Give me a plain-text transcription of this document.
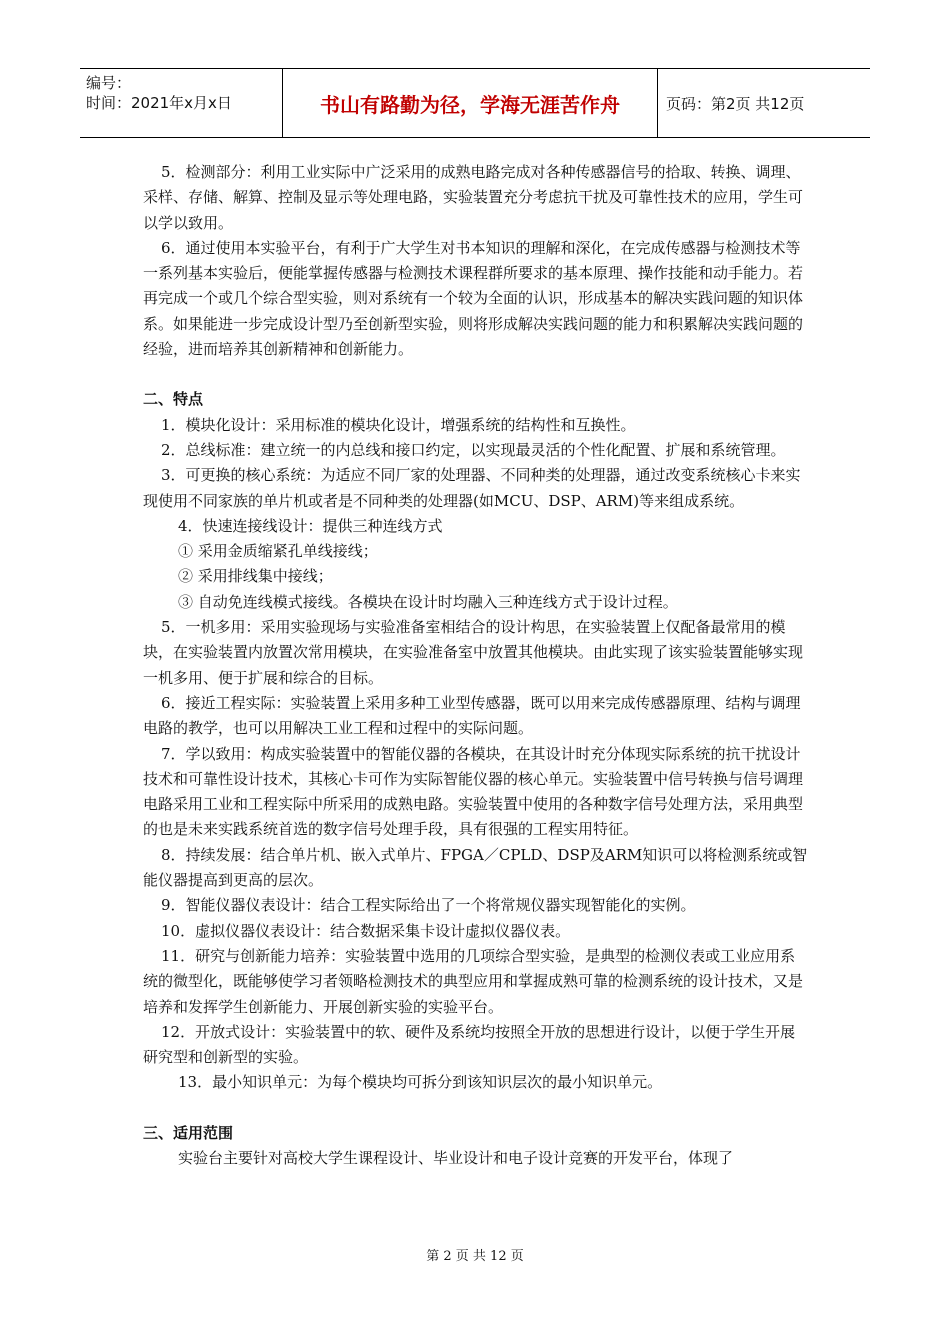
编号：
时间：2021年x月x日	书山有路勤为径，学海无涯苦作舟	页码：第2页 共12页

5．检测部分：利用工业实际中广泛采用的成熟电路完成对各种传感器信号的拾取、转换、调理、采样、存储、解算、控制及显示等处理电路，实验装置充分考虑抗干扰及可靠性技术的应用，学生可以学以致用。

6．通过使用本实验平台，有利于广大学生对书本知识的理解和深化，在完成传感器与检测技术等一系列基本实验后，便能掌握传感器与检测技术课程群所要求的基本原理、操作技能和动手能力。若再完成一个或几个综合型实验，则对系统有一个较为全面的认识，形成基本的解决实践问题的知识体系。如果能进一步完成设计型乃至创新型实验，则将形成解决实践问题的能力和积累解决实践问题的经验，进而培养其创新精神和创新能力。

二、特点

1．模块化设计：采用标准的模块化设计，增强系统的结构性和互换性。

2．总线标准：建立统一的内总线和接口约定，以实现最灵活的个性化配置、扩展和系统管理。

3．可更换的核心系统：为适应不同厂家的处理器、不同种类的处理器，通过改变系统核心卡来实现使用不同家族的单片机或者是不同种类的处理器(如MCU、DSP、ARM)等来组成系统。

4．快速连接线设计：提供三种连线方式

① 采用金质缩紧孔单线接线；

② 采用排线集中接线；

③ 自动免连线模式接线。各模块在设计时均融入三种连线方式于设计过程。

5．一机多用：采用实验现场与实验准备室相结合的设计构思，在实验装置上仅配备最常用的模块，在实验装置内放置次常用模块，在实验准备室中放置其他模块。由此实现了该实验装置能够实现一机多用、便于扩展和综合的目标。

6．接近工程实际：实验装置上采用多种工业型传感器，既可以用来完成传感器原理、结构与调理电路的教学，也可以用解决工业工程和过程中的实际问题。

7．学以致用：构成实验装置中的智能仪器的各模块，在其设计时充分体现实际系统的抗干扰设计技术和可靠性设计技术，其核心卡可作为实际智能仪器的核心单元。实验装置中信号转换与信号调理电路采用工业和工程实际中所采用的成熟电路。实验装置中使用的各种数字信号处理方法，采用典型的也是未来实践系统首选的数字信号处理手段，具有很强的工程实用特征。

8．持续发展：结合单片机、嵌入式单片、FPGA／CPLD、DSP及ARM知识可以将检测系统或智能仪器提高到更高的层次。

9．智能仪器仪表设计：结合工程实际给出了一个将常规仪器实现智能化的实例。

10．虚拟仪器仪表设计：结合数据采集卡设计虚拟仪器仪表。

11．研究与创新能力培养：实验装置中选用的几项综合型实验，是典型的检测仪表或工业应用系统的微型化，既能够使学习者领略检测技术的典型应用和掌握成熟可靠的检测系统的设计技术，又是培养和发挥学生创新能力、开展创新实验的实验平台。

12．开放式设计：实验装置中的软、硬件及系统均按照全开放的思想进行设计，以便于学生开展研究型和创新型的实验。

13．最小知识单元：为每个模块均可拆分到该知识层次的最小知识单元。

三、适用范围

实验台主要针对高校大学生课程设计、毕业设计和电子设计竞赛的开发平台，体现了

第 2 页 共 12 页
